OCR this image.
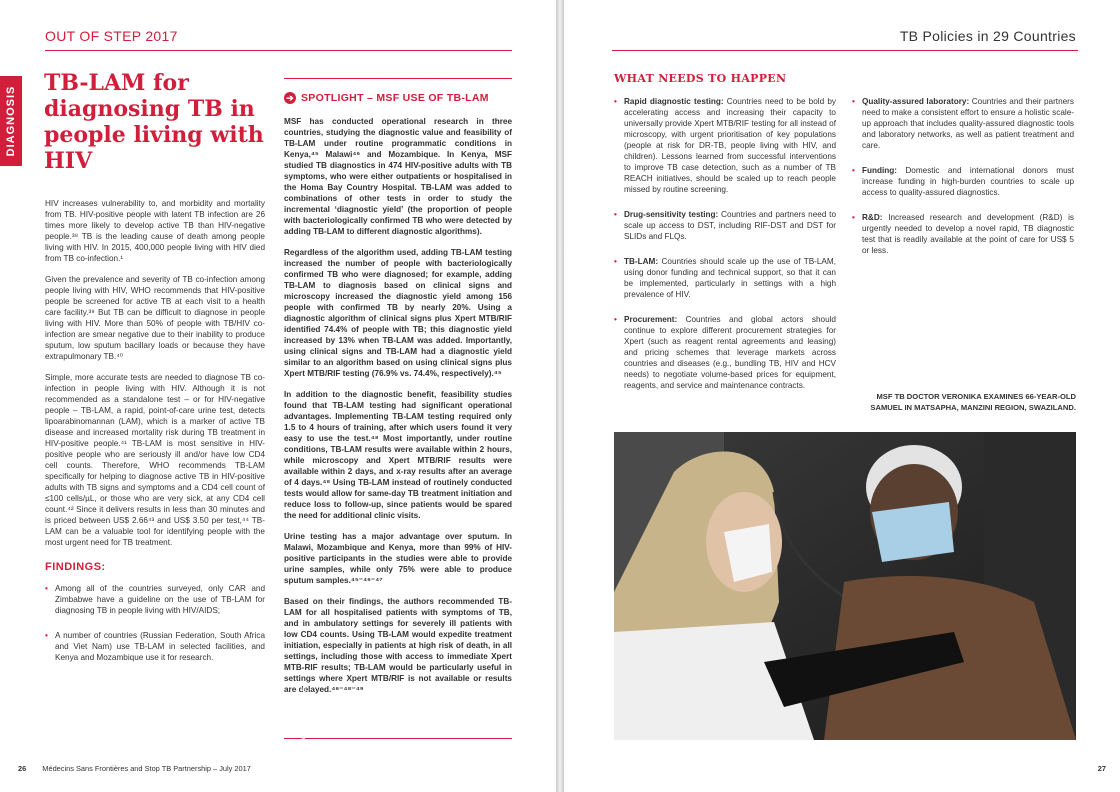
OUT OF STEP 2017
DIAGNOSIS
TB-LAM for diagnosing TB in people living with HIV

HIV increases vulnerability to, and morbidity and mortality from TB. HIV-positive people with latent TB infection are 26 times more likely to develop active TB than HIV-negative people.³⁸ TB is the leading cause of death among people living with HIV. In 2015, 400,000 people living with HIV died from TB co-infection.¹

Given the prevalence and severity of TB co-infection among people living with HIV, WHO recommends that HIV-positive people be screened for active TB at each visit to a health care facility.³⁹ But TB can be difficult to diagnose in people living with HIV. More than 50% of people with TB/HIV co-infection are smear negative due to their inability to produce sputum, low sputum bacillary loads or because they have extrapulmonary TB.⁴⁰

Simple, more accurate tests are needed to diagnose TB co-infection in people living with HIV. Although it is not recommended as a standalone test – or for HIV-negative people – TB-LAM, a rapid, point-of-care urine test, detects lipoarabinomannan (LAM), which is a marker of active TB disease and increased mortality risk during TB treatment in HIV-positive people.⁴¹ TB-LAM is most sensitive in HIV-positive people who are seriously ill and/or have low CD4 cell counts. Therefore, WHO recommends TB-LAM specifically for helping to diagnose active TB in HIV-positive adults with TB signs and symptoms and a CD4 cell count of ≤100 cells/µL, or those who are very sick, at any CD4 cell count.⁴² Since it delivers results in less than 30 minutes and is priced between US$ 2.66⁴³ and US$ 3.50 per test,⁴⁴ TB-LAM can be a valuable tool for identifying people with the most urgent need for TB treatment.

FINDINGS:
• Among all of the countries surveyed, only CAR and Zimbabwe have a guideline on the use of TB-LAM for diagnosing TB in people living with HIV/AIDS;
• A number of countries (Russian Federation, South Africa and Viet Nam) use TB-LAM in selected facilities, and Kenya and Mozambique use it for research.
➔ SPOTLIGHT – MSF USE OF TB-LAM

MSF has conducted operational research in three countries, studying the diagnostic value and feasibility of TB-LAM under routine programmatic conditions in Kenya,⁴⁵ Malawi⁴⁶ and Mozambique. In Kenya, MSF studied TB diagnostics in 474 HIV-positive adults with TB symptoms, who were either outpatients or hospitalised in the Homa Bay Country Hospital. TB-LAM was added to combinations of other tests in order to study the incremental ‘diagnostic yield’ (the proportion of people with bacteriologically confirmed TB who were detected by adding TB-LAM to different diagnostic algorithms).

Regardless of the algorithm used, adding TB-LAM testing increased the number of people with bacteriologically confirmed TB who were diagnosed; for example, adding TB-LAM to diagnosis based on clinical signs and microscopy increased the diagnostic yield among 156 people with confirmed TB by nearly 20%. Using a diagnostic algorithm of clinical signs plus Xpert MTB/RIF identified 74.4% of people with TB; this diagnostic yield increased by 13% when TB-LAM was added. Importantly, using clinical signs and TB-LAM had a diagnostic yield similar to an algorithm based on using clinical signs plus Xpert MTB/RIF testing (76.9% vs. 74.4%, respectively).⁴⁵

In addition to the diagnostic benefit, feasibility studies found that TB-LAM testing had significant operational advantages. Implementing TB-LAM testing required only 1.5 to 4 hours of training, after which users found it very easy to use the test.⁴⁸ Most importantly, under routine conditions, TB-LAM results were available within 2 hours, while microscopy and Xpert MTB/RIF results were available within 2 days, and x-ray results after an average of 4 days.⁴⁸ Using TB-LAM instead of routinely conducted tests would allow for same-day TB treatment initiation and reduce loss to follow-up, since patients would be spared the need for additional clinic visits.

Urine testing has a major advantage over sputum. In Malawi, Mozambique and Kenya, more than 99% of HIV-positive participants in the studies were able to provide urine samples, while only 75% were able to produce sputum samples.⁴⁵⁻⁴⁶⁻⁴⁷

Based on their findings, the authors recommended TB-LAM for all hospitalised patients with symptoms of TB, and in ambulatory settings for severely ill patients with low CD4 counts. Using TB-LAM would expedite treatment initiation, especially in patients at high risk of death, in all settings, including those with access to immediate Xpert MTB-RIF results; TB-LAM would be particularly useful in settings where Xpert MTB/RIF is not available or results are delayed.⁴⁶⁻⁴⁸⁻⁴⁹

26 Médecins Sans Frontières and Stop TB Partnership – July 2017
TB Policies in 29 Countries
WHAT NEEDS TO HAPPEN
• Rapid diagnostic testing: Countries need to be bold by accelerating access and increasing their capacity to universally provide Xpert MTB/RIF testing for all instead of microscopy, with urgent prioritisation of key populations (people at risk for DR-TB, people living with HIV, and children). Lessons learned from successful interventions to improve TB case detection, such as a number of TB REACH initiatives, should be scaled up to reach people missed by routine screening.
• Drug-sensitivity testing: Countries and partners need to scale up access to DST, including RIF-DST and DST for SLIDs and FLQs.
• TB-LAM: Countries should scale up the use of TB-LAM, using donor funding and technical support, so that it can be implemented, particularly in settings with a high prevalence of HIV.
• Procurement: Countries and global actors should continue to explore different procurement strategies for Xpert (such as reagent rental agreements and leasing) and pricing schemes that leverage markets across countries and diseases (e.g., bundling TB, HIV and HCV needs) to negotiate volume-based prices for equipment, reagents, and service and maintenance contracts.
• Quality-assured laboratory: Countries and their partners need to make a consistent effort to ensure a holistic scale-up approach that includes quality-assured diagnostic tools and laboratory networks, as well as patient treatment and care.
• Funding: Domestic and international donors must increase funding in high-burden countries to scale up access to quality-assured diagnostics.
• R&D: Increased research and development (R&D) is urgently needed to develop a novel rapid, TB diagnostic test that is readily available at the point of care for US$ 5 or less.
MSF TB DOCTOR VERONIKA EXAMINES 66-YEAR-OLD SAMUEL IN MATSAPHA, MANZINI REGION, SWAZILAND.
Alexis Huguet/MSF
27
